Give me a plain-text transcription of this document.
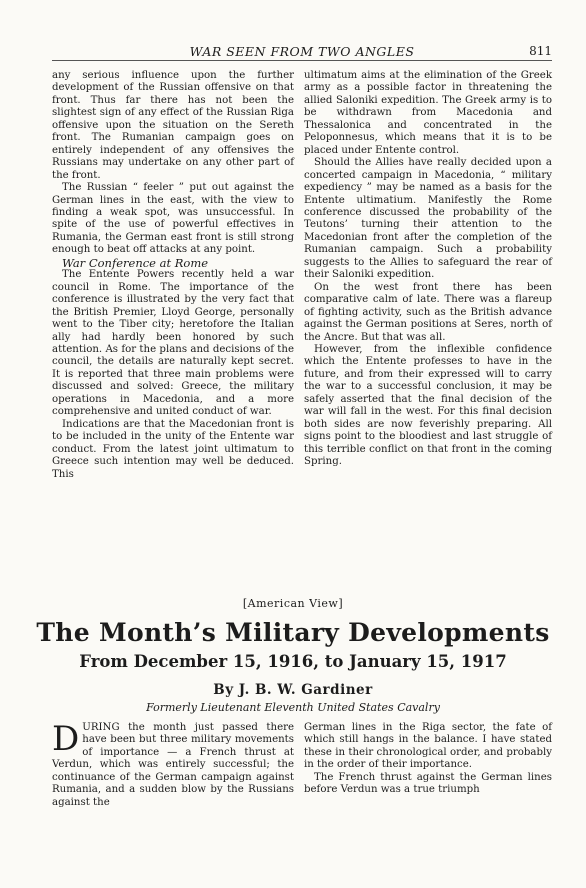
WAR SEEN FROM TWO ANGLES	811

any serious influence upon the further development of the Russian offensive on that front. Thus far there has not been the slightest sign of any effect of the Russian Riga offensive upon the situation on the Sereth front. The Rumanian campaign goes on entirely independent of any offensives the Russians may undertake on any other part of the front.

The Russian “ feeler ” put out against the German lines in the east, with the view to finding a weak spot, was unsuccessful. In spite of the use of powerful effectives in Rumania, the German east front is still strong enough to beat off attacks at any point.

War Conference at Rome

The Entente Powers recently held a war council in Rome. The importance of the conference is illustrated by the very fact that the British Premier, Lloyd George, personally went to the Tiber city; heretofore the Italian ally had hardly been honored by such attention. As for the plans and decisions of the council, the details are naturally kept secret. It is reported that three main problems were discussed and solved: Greece, the military operations in Macedonia, and a more comprehensive and united conduct of war.

Indications are that the Macedonian front is to be included in the unity of the Entente war conduct. From the latest joint ultimatum to Greece such intention may well be deduced. This

ultimatum aims at the elimination of the Greek army as a possible factor in threatening the allied Saloniki expedition. The Greek army is to be withdrawn from Macedonia and Thessalonica and concentrated in the Peloponnesus, which means that it is to be placed under Entente control.

Should the Allies have really decided upon a concerted campaign in Macedonia, “ military expediency ” may be named as a basis for the Entente ultimatium. Manifestly the Rome conference discussed the probability of the Teutons’ turning their attention to the Macedonian front after the completion of the Rumanian campaign. Such a probability suggests to the Allies to safeguard the rear of their Saloniki expedition.

On the west front there has been comparative calm of late. There was a flareup of fighting activity, such as the British advance against the German positions at Seres, north of the Ancre. But that was all.

However, from the inflexible confidence which the Entente professes to have in the future, and from their expressed will to carry the war to a successful conclusion, it may be safely asserted that the final decision of the war will fall in the west. For this final decision both sides are now feverishly preparing. All signs point to the bloodiest and last struggle of this terrible conflict on that front in the coming Spring.

[American View]
The Month’s Military Developments
From December 15, 1916, to January 15, 1917
By J. B. W. Gardiner
Formerly Lieutenant Eleventh United States Cavalry

DURING the month just passed there have been but three military movements of importance — a French thrust at Verdun, which was entirely successful; the continuance of the German campaign against Rumania, and a sudden blow by the Russians against the

German lines in the Riga sector, the fate of which still hangs in the balance. I have stated these in their chronological order, and probably in the order of their importance.

The French thrust against the German lines before Verdun was a true triumph
